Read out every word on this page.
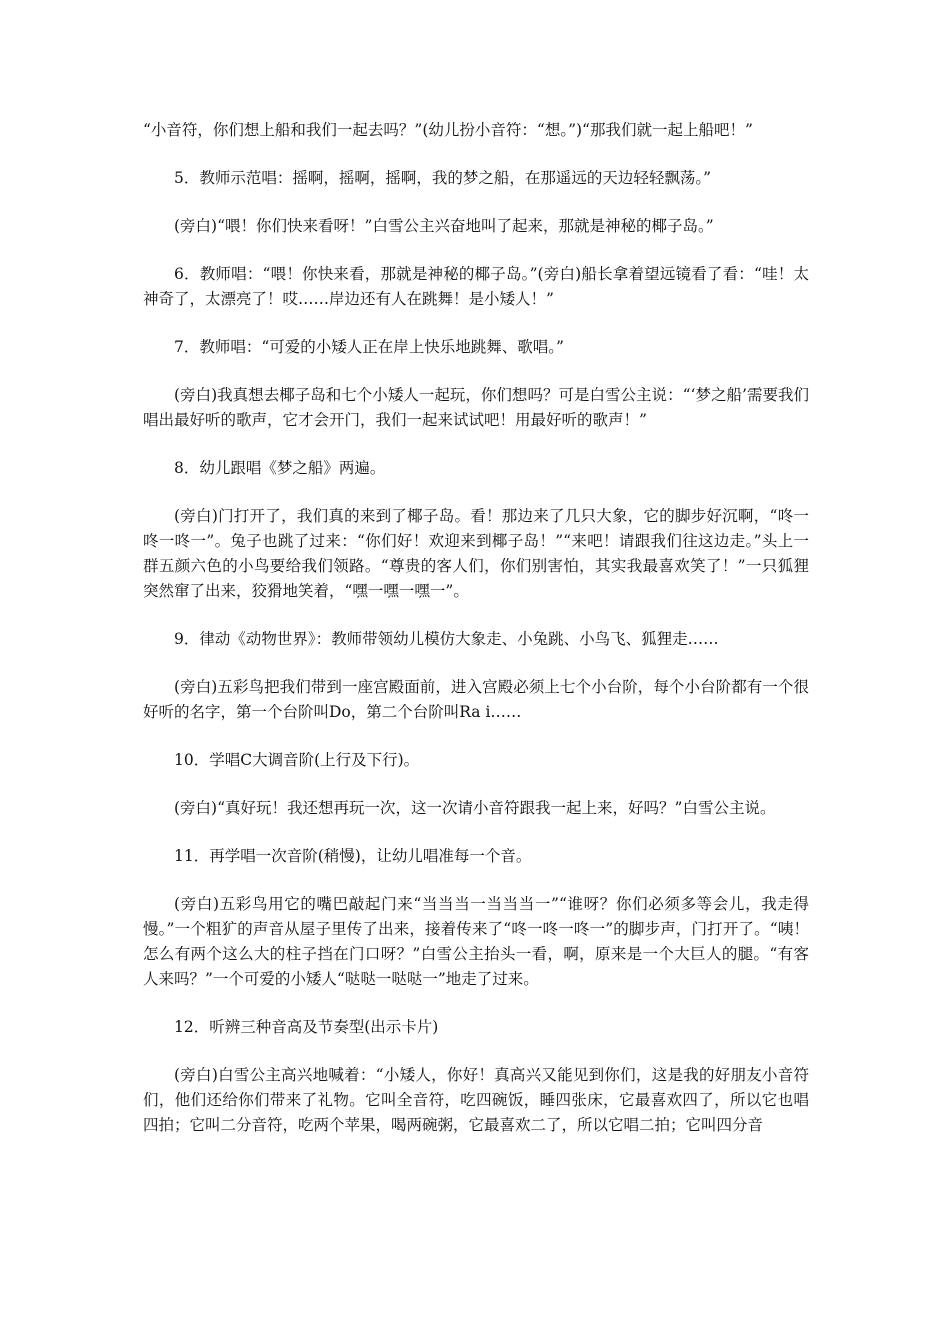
“小音符，你们想上船和我们一起去吗？”(幼儿扮小音符：“想。”)“那我们就一起上船吧！”

5．教师示范唱：摇啊，摇啊，摇啊，我的梦之船，在那遥远的天边轻轻飘荡。”

(旁白)“喂！你们快来看呀！”白雪公主兴奋地叫了起来，那就是神秘的椰子岛。”

6．教师唱：“喂！你快来看，那就是神秘的椰子岛。”(旁白)船长拿着望远镜看了看：“哇！太神奇了，太漂亮了！哎……岸边还有人在跳舞！是小矮人！”

7．教师唱：“可爱的小矮人正在岸上快乐地跳舞、歌唱。”

(旁白)我真想去椰子岛和七个小矮人一起玩，你们想吗？可是白雪公主说：“‘梦之船’需要我们唱出最好听的歌声，它才会开门，我们一起来试试吧！用最好听的歌声！”

8．幼儿跟唱《梦之船》两遍。

(旁白)门打开了，我们真的来到了椰子岛。看！那边来了几只大象，它的脚步好沉啊，“咚一咚一咚一”。兔子也跳了过来：“你们好！欢迎来到椰子岛！”“来吧！请跟我们往这边走。”头上一群五颜六色的小鸟要给我们领路。“尊贵的客人们，你们别害怕，其实我最喜欢笑了！”一只狐狸突然窜了出来，狡猾地笑着，“嘿一嘿一嘿一”。

9．律动《动物世界》：教师带领幼儿模仿大象走、小兔跳、小鸟飞、狐狸走……

(旁白)五彩鸟把我们带到一座宫殿面前，进入宫殿必须上七个小台阶，每个小台阶都有一个很好听的名字，第一个台阶叫Do，第二个台阶叫Ra i……

10．学唱C大调音阶(上行及下行)。

(旁白)“真好玩！我还想再玩一次，这一次请小音符跟我一起上来，好吗？”白雪公主说。

11．再学唱一次音阶(稍慢)，让幼儿唱准每一个音。

(旁白)五彩鸟用它的嘴巴敲起门来“当当当一当当当一”“谁呀？你们必须多等会儿，我走得慢。”一个粗犷的声音从屋子里传了出来，接着传来了“咚一咚一咚一”的脚步声，门打开了。“咦！怎么有两个这么大的柱子挡在门口呀？”白雪公主抬头一看，啊，原来是一个大巨人的腿。“有客人来吗？”一个可爱的小矮人“哒哒一哒哒一”地走了过来。

12．听辨三种音高及节奏型(出示卡片)

(旁白)白雪公主高兴地喊着：“小矮人，你好！真高兴又能见到你们，这是我的好朋友小音符们，他们还给你们带来了礼物。它叫全音符，吃四碗饭，睡四张床，它最喜欢四了，所以它也唱四拍；它叫二分音符，吃两个苹果，喝两碗粥，它最喜欢二了，所以它唱二拍；它叫四分音
